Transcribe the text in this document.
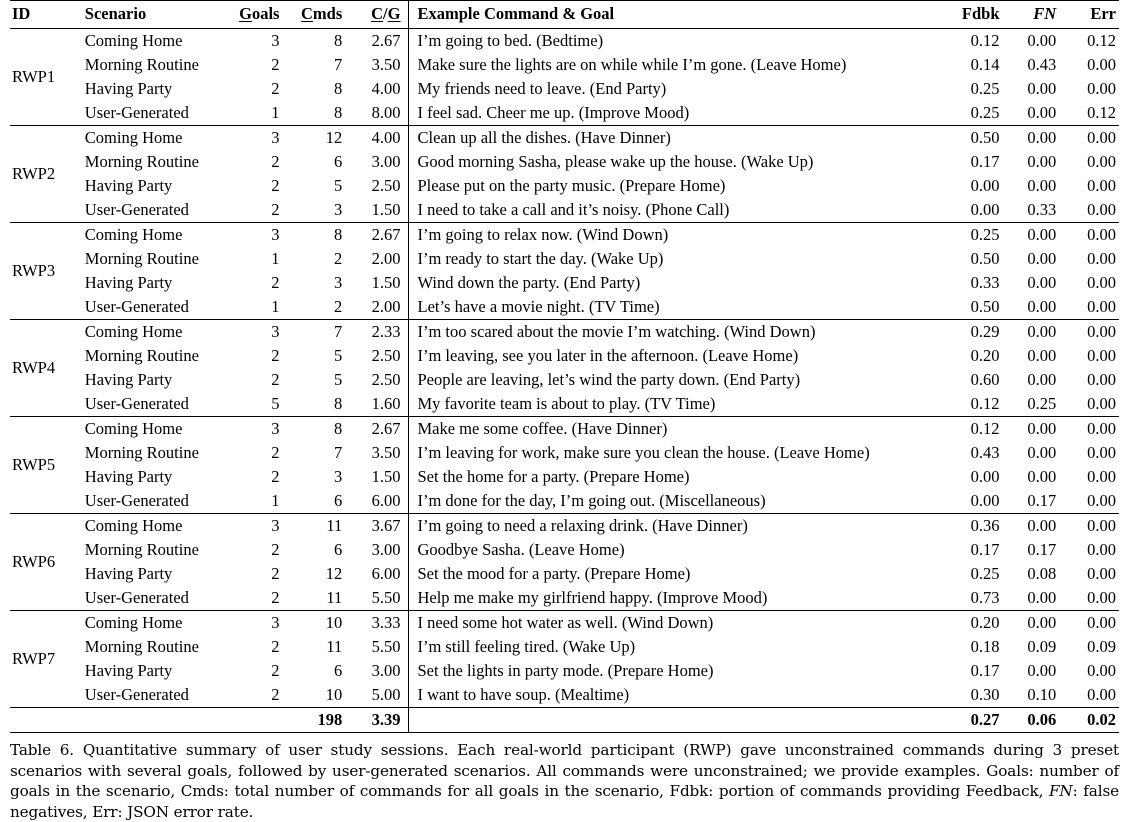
ID	Scenario	Goals	Cmds	C/G	Example Command & Goal	Fdbk	FN	Err
RWP1	Coming Home	3	8	2.67	I’m going to bed. (Bedtime)	0.12	0.00	0.12
	Morning Routine	2	7	3.50	Make sure the lights are on while while I’m gone. (Leave Home)	0.14	0.43	0.00
	Having Party	2	8	4.00	My friends need to leave. (End Party)	0.25	0.00	0.00
	User-Generated	1	8	8.00	I feel sad. Cheer me up. (Improve Mood)	0.25	0.00	0.12

RWP2	Coming Home	3	12	4.00	Clean up all the dishes. (Have Dinner)	0.50	0.00	0.00
	Morning Routine	2	6	3.00	Good morning Sasha, please wake up the house. (Wake Up)	0.17	0.00	0.00
	Having Party	2	5	2.50	Please put on the party music. (Prepare Home)	0.00	0.00	0.00
	User-Generated	2	3	1.50	I need to take a call and it’s noisy. (Phone Call)	0.00	0.33	0.00

RWP3	Coming Home	3	8	2.67	I’m going to relax now. (Wind Down)	0.25	0.00	0.00
	Morning Routine	1	2	2.00	I’m ready to start the day. (Wake Up)	0.50	0.00	0.00
	Having Party	2	3	1.50	Wind down the party. (End Party)	0.33	0.00	0.00
	User-Generated	1	2	2.00	Let’s have a movie night. (TV Time)	0.50	0.00	0.00

RWP4	Coming Home	3	7	2.33	I’m too scared about the movie I’m watching. (Wind Down)	0.29	0.00	0.00
	Morning Routine	2	5	2.50	I’m leaving, see you later in the afternoon. (Leave Home)	0.20	0.00	0.00
	Having Party	2	5	2.50	People are leaving, let’s wind the party down. (End Party)	0.60	0.00	0.00
	User-Generated	5	8	1.60	My favorite team is about to play. (TV Time)	0.12	0.25	0.00

RWP5	Coming Home	3	8	2.67	Make me some coffee. (Have Dinner)	0.12	0.00	0.00
	Morning Routine	2	7	3.50	I’m leaving for work, make sure you clean the house. (Leave Home)	0.43	0.00	0.00
	Having Party	2	3	1.50	Set the home for a party. (Prepare Home)	0.00	0.00	0.00
	User-Generated	1	6	6.00	I’m done for the day, I’m going out. (Miscellaneous)	0.00	0.17	0.00

RWP6	Coming Home	3	11	3.67	I’m going to need a relaxing drink. (Have Dinner)	0.36	0.00	0.00
	Morning Routine	2	6	3.00	Goodbye Sasha. (Leave Home)	0.17	0.17	0.00
	Having Party	2	12	6.00	Set the mood for a party. (Prepare Home)	0.25	0.08	0.00
	User-Generated	2	11	5.50	Help me make my girlfriend happy. (Improve Mood)	0.73	0.00	0.00

RWP7	Coming Home	3	10	3.33	I need some hot water as well. (Wind Down)	0.20	0.00	0.00
	Morning Routine	2	11	5.50	I’m still feeling tired. (Wake Up)	0.18	0.09	0.09
	Having Party	2	6	3.00	Set the lights in party mode. (Prepare Home)	0.17	0.00	0.00
	User-Generated	2	10	5.00	I want to have soup. (Mealtime)	0.30	0.10	0.00
			198	3.39		0.27	0.06	0.02
Table 6. Quantitative summary of user study sessions. Each real-world participant (RWP) gave unconstrained commands during 3 preset scenarios with several goals, followed by user-generated scenarios. All commands were unconstrained; we provide examples. Goals: number of goals in the scenario, Cmds: total number of commands for all goals in the scenario, Fdbk: portion of commands providing Feedback, FN: false negatives, Err: JSON error rate.
